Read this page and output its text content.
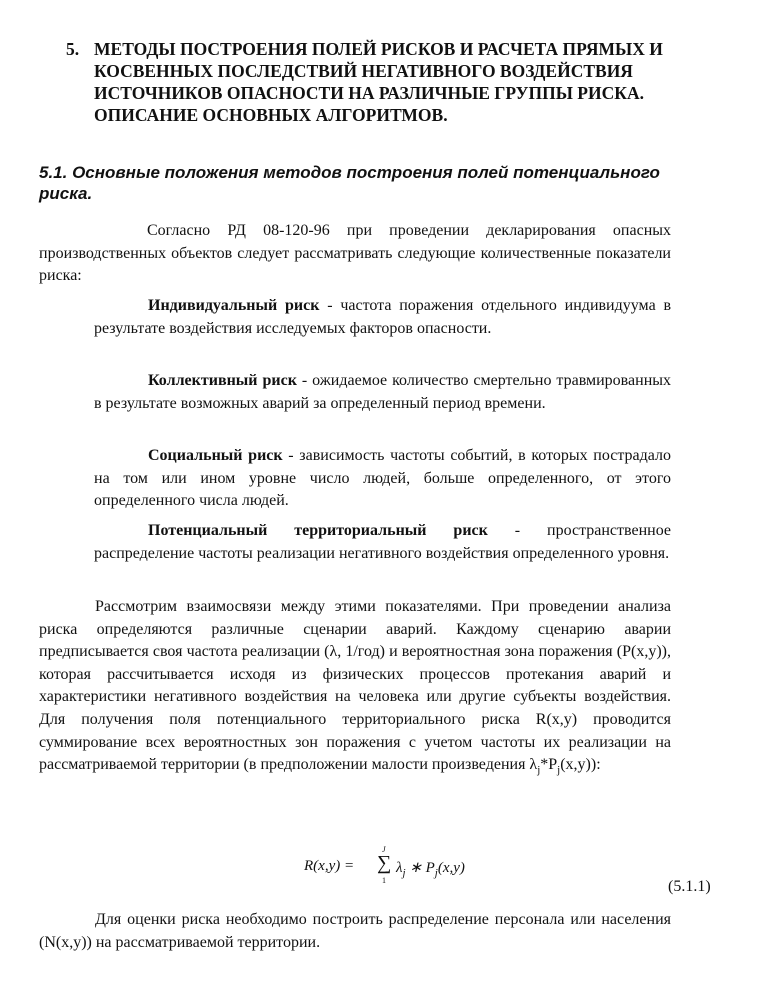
5. МЕТОДЫ ПОСТРОЕНИЯ ПОЛЕЙ РИСКОВ И РАСЧЕТА ПРЯМЫХ И КОСВЕННЫХ ПОСЛЕДСТВИЙ НЕГАТИВНОГО ВОЗДЕЙСТВИЯ ИСТОЧНИКОВ ОПАСНОСТИ НА РАЗЛИЧНЫЕ ГРУППЫ РИСКА. ОПИСАНИЕ ОСНОВНЫХ АЛГОРИТМОВ.
5.1. Основные положения методов построения полей потенциального риска.
Согласно РД 08-120-96 при проведении декларирования опасных производственных объектов следует рассматривать следующие количественные показатели риска:
Индивидуальный риск - частота поражения отдельного индивидуума в результате воздействия исследуемых факторов опасности.
Коллективный риск - ожидаемое количество смертельно травмированных в результате возможных аварий за определенный период времени.
Социальный риск - зависимость частоты событий, в которых пострадало на том или ином уровне число людей, больше определенного, от этого определенного числа людей.
Потенциальный территориальный риск - пространственное распределение частоты реализации негативного воздействия определенного уровня.
Рассмотрим взаимосвязи между этими показателями. При проведении анализа риска определяются различные сценарии аварий. Каждому сценарию аварии предписывается своя частота реализации (λ, 1/год) и вероятностная зона поражения (P(x,y)), которая рассчитывается исходя из физических процессов протекания аварий и характеристики негативного воздействия на человека или другие субъекты воздействия. Для получения поля потенциального территориального риска R(x,y) проводится суммирование всех вероятностных зон поражения с учетом частоты их реализации на рассматриваемой территории (в предположении малости произведения $\lambda_j*P_j(x,y)$):
R(x,y) =
J
∑
1
$\lambda_j$ ∗ $P_j(x,y)$
(5.1.1)
Для оценки риска необходимо построить распределение персонала или населения (N(x,y)) на рассматриваемой территории.
